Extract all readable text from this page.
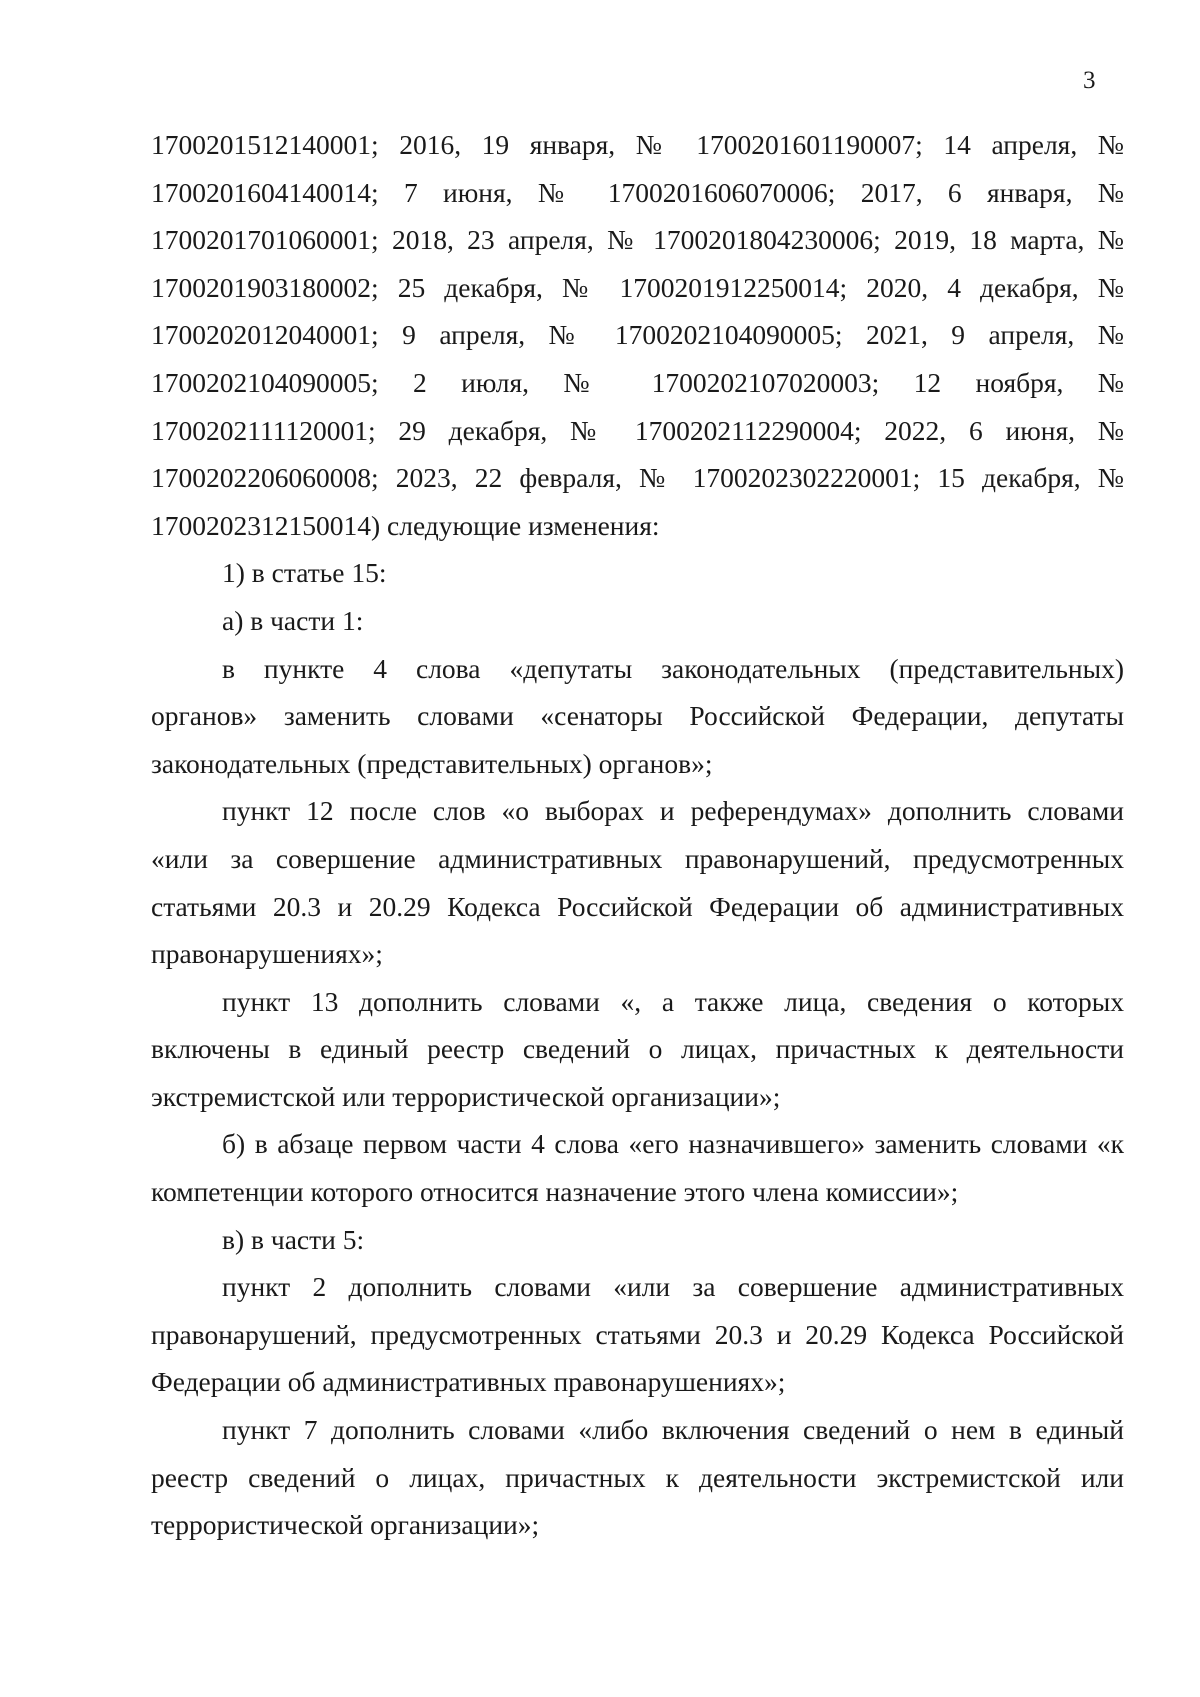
3
1700201512140001; 2016, 19 января, № 1700201601190007; 14 апреля, №
1700201604140014; 7 июня, № 1700201606070006; 2017, 6 января, №
1700201701060001; 2018, 23 апреля, № 1700201804230006; 2019, 18 марта, №
1700201903180002; 25 декабря, № 1700201912250014; 2020, 4 декабря, №
1700202012040001; 9 апреля, № 1700202104090005; 2021, 9 апреля, №
1700202104090005; 2 июля, № 1700202107020003; 12 ноября, №
1700202111120001; 29 декабря, № 1700202112290004; 2022, 6 июня, №
1700202206060008; 2023, 22 февраля, № 1700202302220001; 15 декабря, №
1700202312150014) следующие изменения:
1) в статье 15:
а) в части 1:
в пункте 4 слова «депутаты законодательных (представительных)
органов» заменить словами «сенаторы Российской Федерации, депутаты
законодательных (представительных) органов»;
пункт 12 после слов «о выборах и референдумах» дополнить словами
«или за совершение административных правонарушений, предусмотренных
статьями 20.3 и 20.29 Кодекса Российской Федерации об административных
правонарушениях»;
пункт 13 дополнить словами «, а также лица, сведения о которых
включены в единый реестр сведений о лицах, причастных к деятельности
экстремистской или террористической организации»;
б) в абзаце первом части 4 слова «его назначившего» заменить словами «к
компетенции которого относится назначение этого члена комиссии»;
в) в части 5:
пункт 2 дополнить словами «или за совершение административных
правонарушений, предусмотренных статьями 20.3 и 20.29 Кодекса Российской
Федерации об административных правонарушениях»;
пункт 7 дополнить словами «либо включения сведений о нем в единый
реестр сведений о лицах, причастных к деятельности экстремистской или
террористической организации»;
